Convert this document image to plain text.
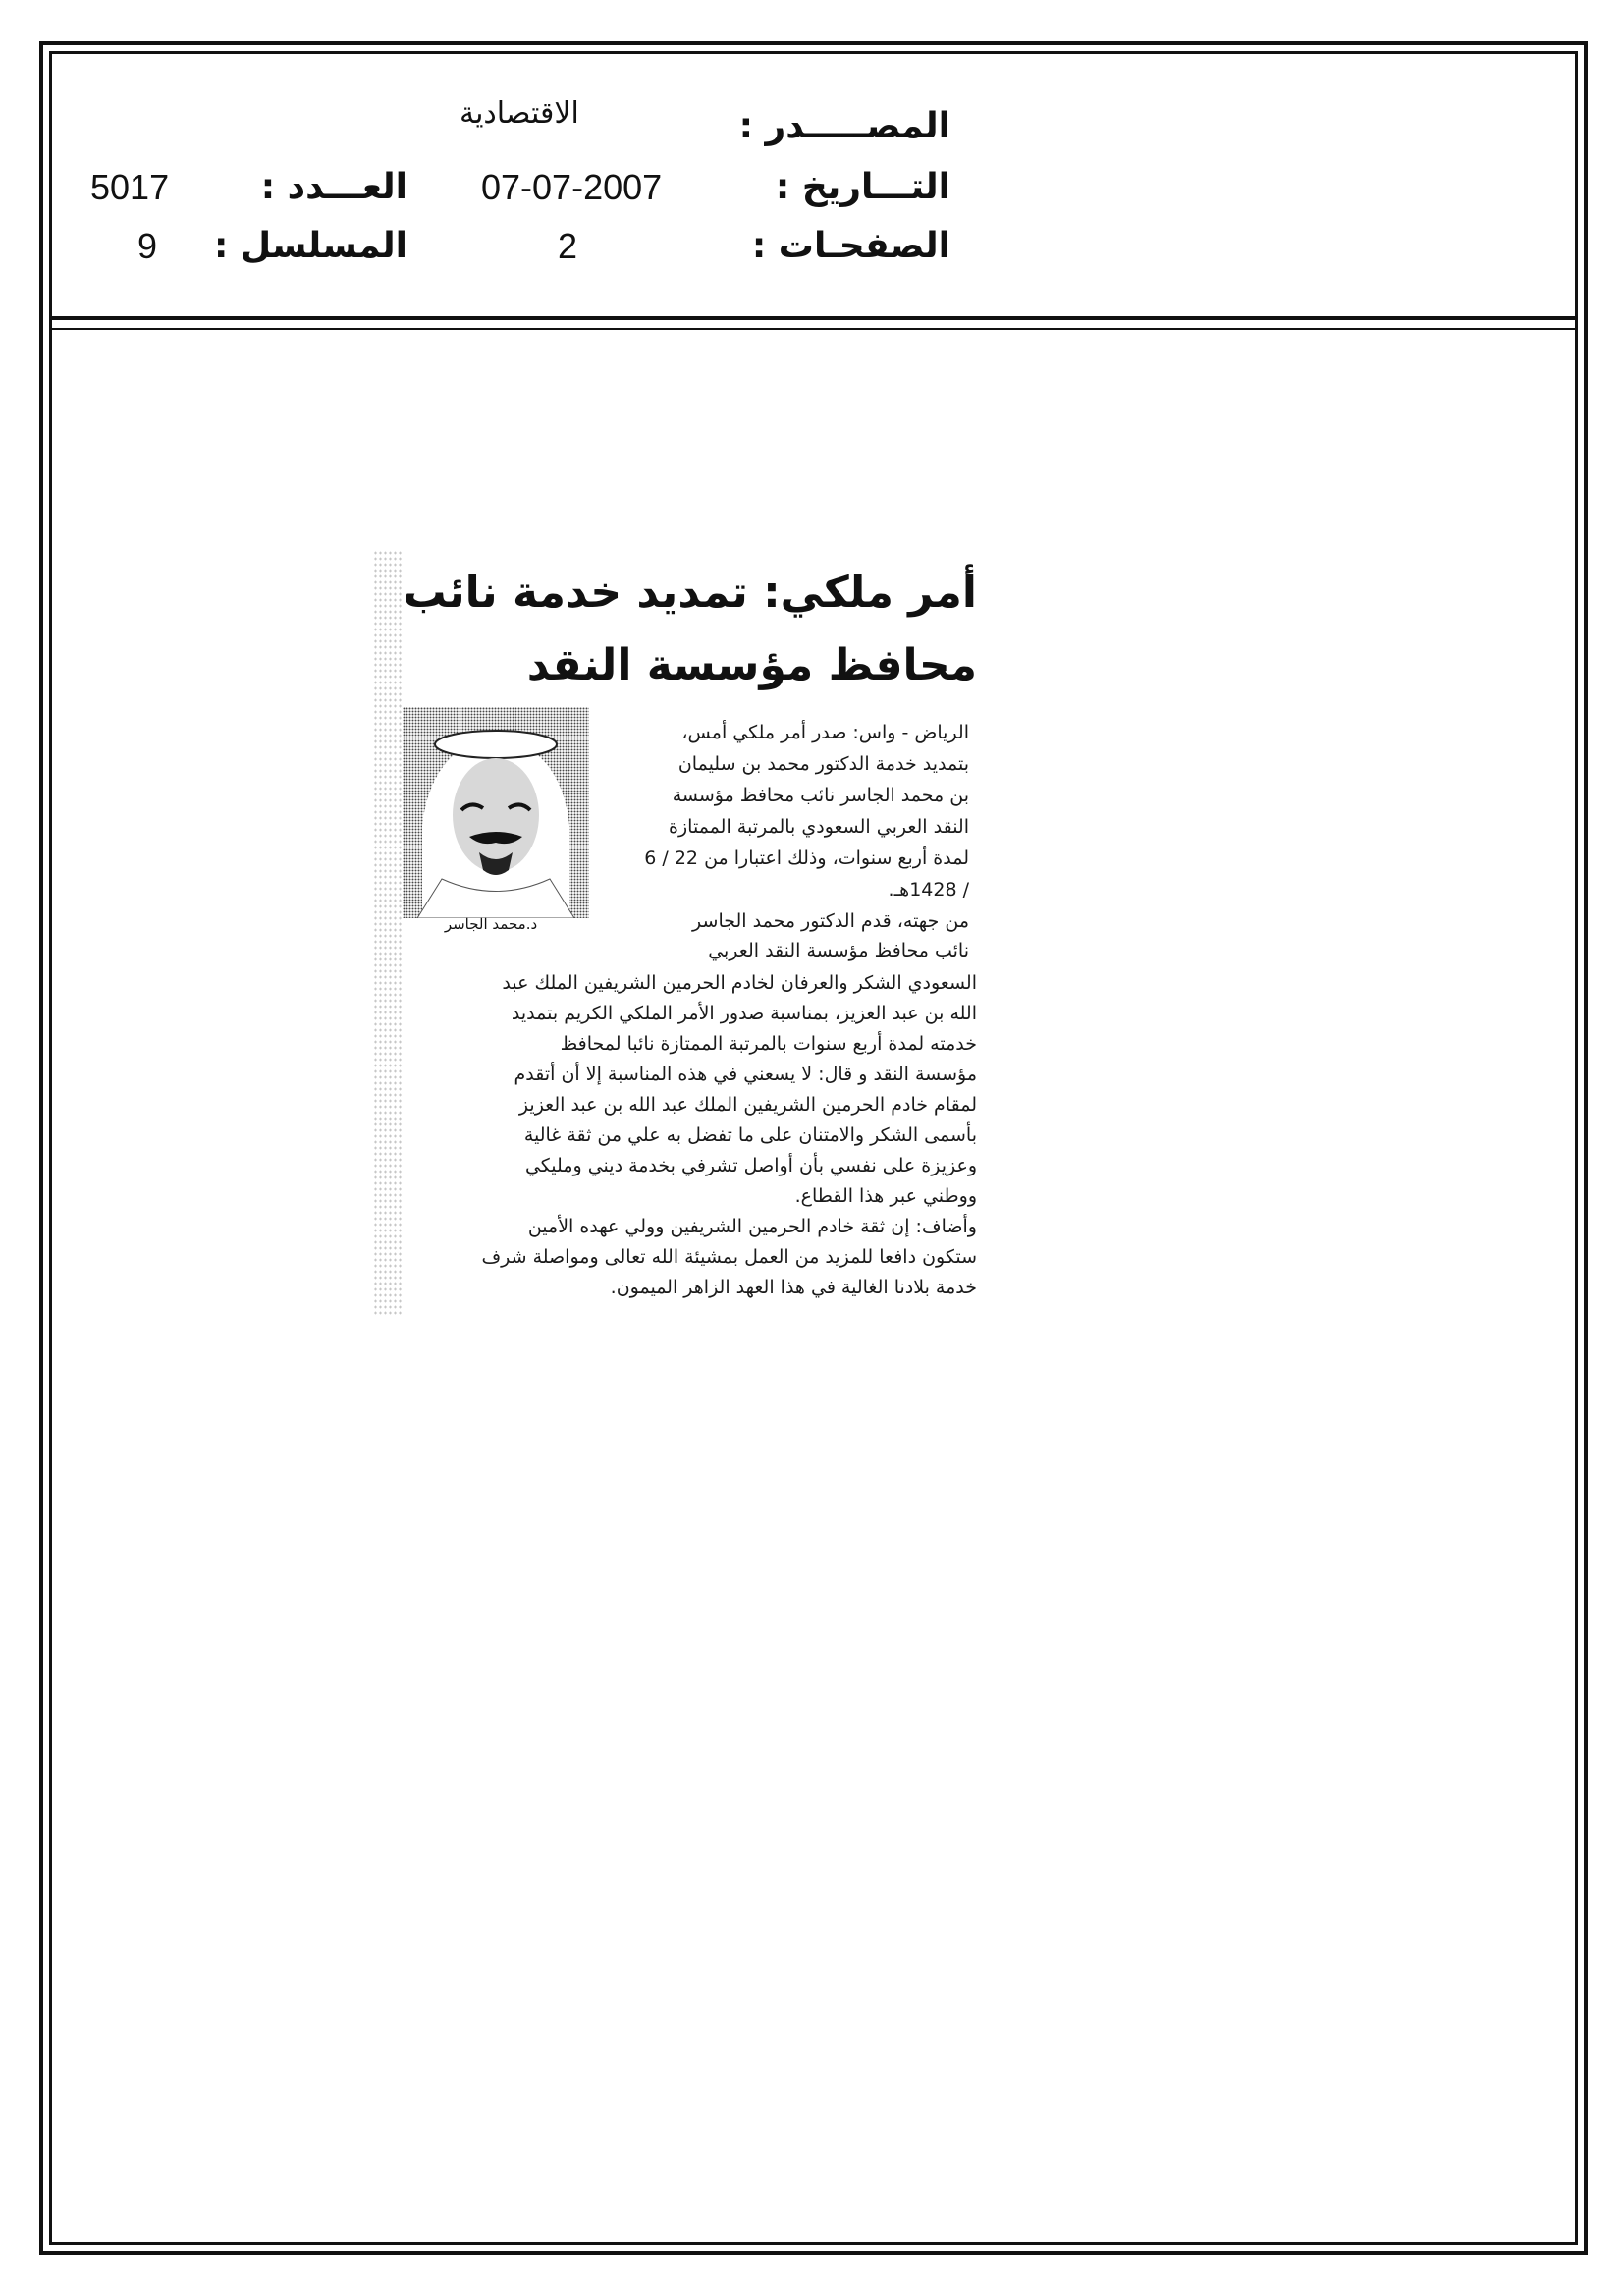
المصـــــدر :
الاقتصادية
التـــاريخ :
07-07-2007
العـــدد :
5017
الصفحـات :
2
المسلسل :
9
أمر ملكي: تمديد خدمة نائب
محافظ مؤسسة النقد
د.محمد الجاسر
الرياض - واس: صدر أمر ملكي أمس،
بتمديد خدمة الدكتور محمد بن سليمان
بن محمد الجاسر نائب محافظ مؤسسة
النقد العربي السعودي بالمرتبة الممتازة
لمدة أربع سنوات، وذلك اعتبارا من 22 / 6
/ 1428هـ.
من جهته، قدم الدكتور محمد الجاسر
نائب محافظ مؤسسة النقد العربي
السعودي الشكر والعرفان لخادم الحرمين الشريفين الملك عبد
الله بن عبد العزيز، بمناسبة صدور الأمر الملكي الكريم بتمديد
خدمته لمدة أربع سنوات بالمرتبة الممتازة نائبا لمحافظ
مؤسسة النقد و قال: لا يسعني في هذه المناسبة إلا أن أتقدم
لمقام خادم الحرمين الشريفين الملك عبد الله بن عبد العزيز
بأسمى الشكر والامتنان على ما تفضل به علي من ثقة غالية
وعزيزة على نفسي بأن أواصل تشرفي بخدمة ديني ومليكي
ووطني عبر هذا القطاع.
وأضاف: إن ثقة خادم الحرمين الشريفين وولي عهده الأمين
ستكون دافعا للمزيد من العمل بمشيئة الله تعالى ومواصلة شرف
خدمة بلادنا الغالية في هذا العهد الزاهر الميمون.
